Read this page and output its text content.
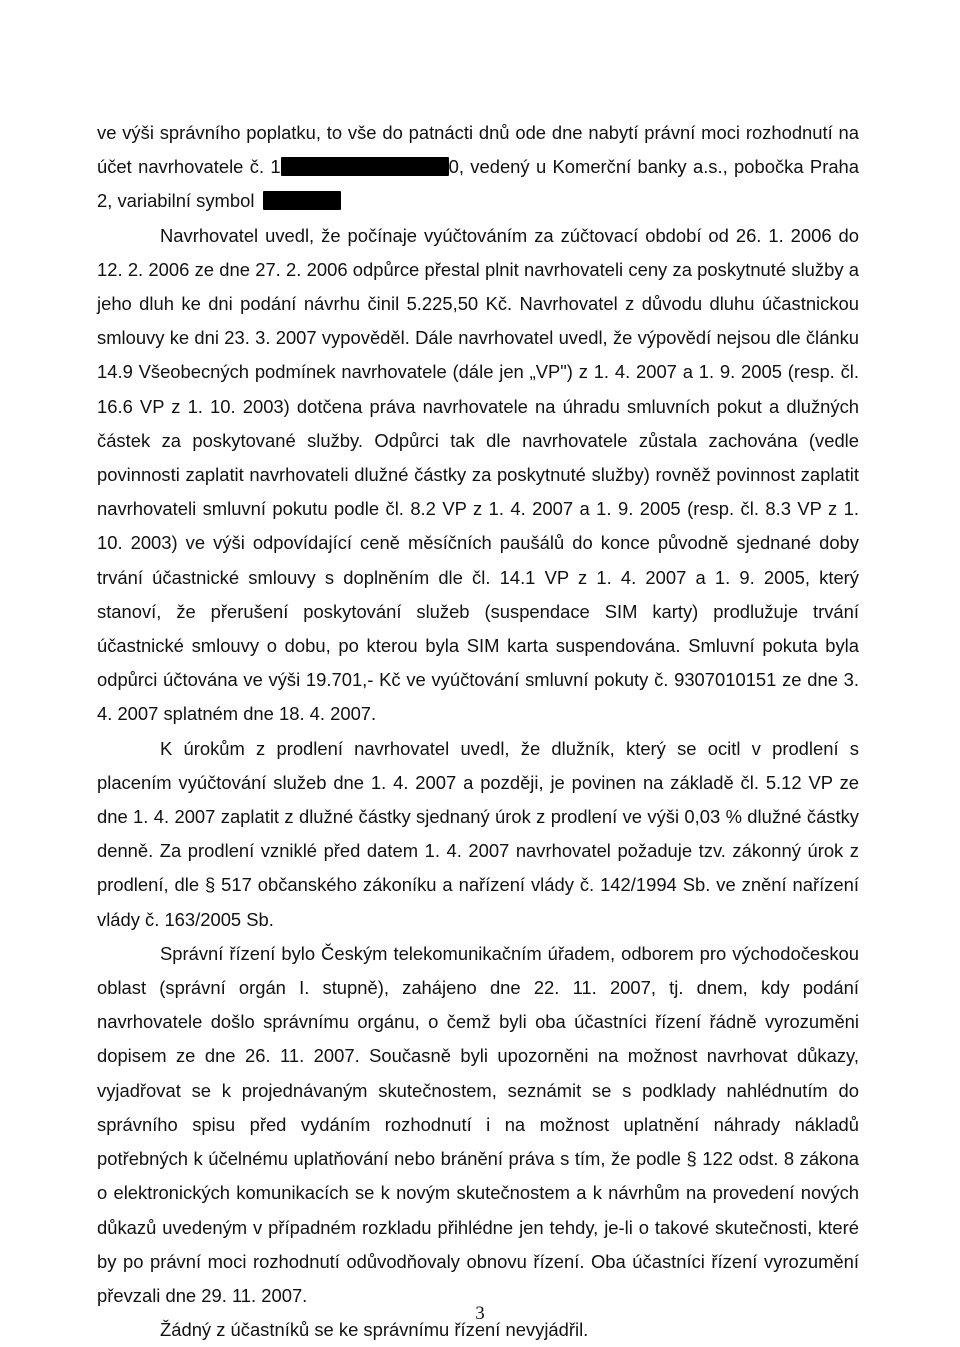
ve výši správního poplatku, to vše do patnácti dnů ode dne nabytí právní moci rozhodnutí na účet navrhovatele č. 1	0, vedený u Komerční banky a.s., pobočka Praha 2, variabilní symbol

Navrhovatel uvedl, že počínaje vyúčtováním za zúčtovací období od 26. 1. 2006 do 12. 2. 2006 ze dne 27. 2. 2006 odpůrce přestal plnit navrhovateli ceny za poskytnuté služby a jeho dluh ke dni podání návrhu činil 5.225,50 Kč. Navrhovatel z důvodu dluhu účastnickou smlouvy ke dni 23. 3. 2007 vypověděl. Dále navrhovatel uvedl, že výpovědí nejsou dle článku 14.9 Všeobecných podmínek navrhovatele (dále jen „VP") z 1. 4. 2007 a 1. 9. 2005 (resp. čl. 16.6 VP z 1. 10. 2003) dotčena práva navrhovatele na úhradu smluvních pokut a dlužných částek za poskytované služby. Odpůrci tak dle navrhovatele zůstala zachována (vedle povinnosti zaplatit navrhovateli dlužné částky za poskytnuté služby) rovněž povinnost zaplatit navrhovateli smluvní pokutu podle čl. 8.2 VP z 1. 4. 2007 a 1. 9. 2005 (resp. čl. 8.3 VP z 1. 10. 2003) ve výši odpovídající ceně měsíčních paušálů do konce původně sjednané doby trvání účastnické smlouvy s doplněním dle čl. 14.1 VP z 1. 4. 2007 a 1. 9. 2005, který stanoví, že přerušení poskytování služeb (suspendace SIM karty) prodlužuje trvání účastnické smlouvy o dobu, po kterou byla SIM karta suspendována. Smluvní pokuta byla odpůrci účtována ve výši 19.701,- Kč ve vyúčtování smluvní pokuty č. 9307010151 ze dne 3. 4. 2007 splatném dne 18. 4. 2007.

K úrokům z prodlení navrhovatel uvedl, že dlužník, který se ocitl v prodlení s placením vyúčtování služeb dne 1. 4. 2007 a později, je povinen na základě čl. 5.12 VP ze dne 1. 4. 2007 zaplatit z dlužné částky sjednaný úrok z prodlení ve výši 0,03 % dlužné částky denně. Za prodlení vzniklé před datem 1. 4. 2007 navrhovatel požaduje tzv. zákonný úrok z prodlení, dle § 517 občanského zákoníku a nařízení vlády č. 142/1994 Sb. ve znění nařízení vlády č. 163/2005 Sb.

Správní řízení bylo Českým telekomunikačním úřadem, odborem pro východočeskou oblast (správní orgán I. stupně), zahájeno dne 22. 11. 2007, tj. dnem, kdy podání navrhovatele došlo správnímu orgánu, o čemž byli oba účastníci řízení řádně vyrozuměni dopisem ze dne 26. 11. 2007. Současně byli upozorněni na možnost navrhovat důkazy, vyjadřovat se k projednávaným skutečnostem, seznámit se s podklady nahlédnutím do správního spisu před vydáním rozhodnutí i na možnost uplatnění náhrady nákladů potřebných k účelnému uplatňování nebo bránění práva s tím, že podle § 122 odst. 8 zákona o elektronických komunikacích se k novým skutečnostem a k návrhům na provedení nových důkazů uvedeným v případném rozkladu přihlédne jen tehdy, je-li o takové skutečnosti, které by po právní moci rozhodnutí odůvodňovaly obnovu řízení. Oba účastníci řízení vyrozumění převzali dne 29. 11. 2007.

Žádný z účastníků se ke správnímu řízení nevyjádřil.

3
